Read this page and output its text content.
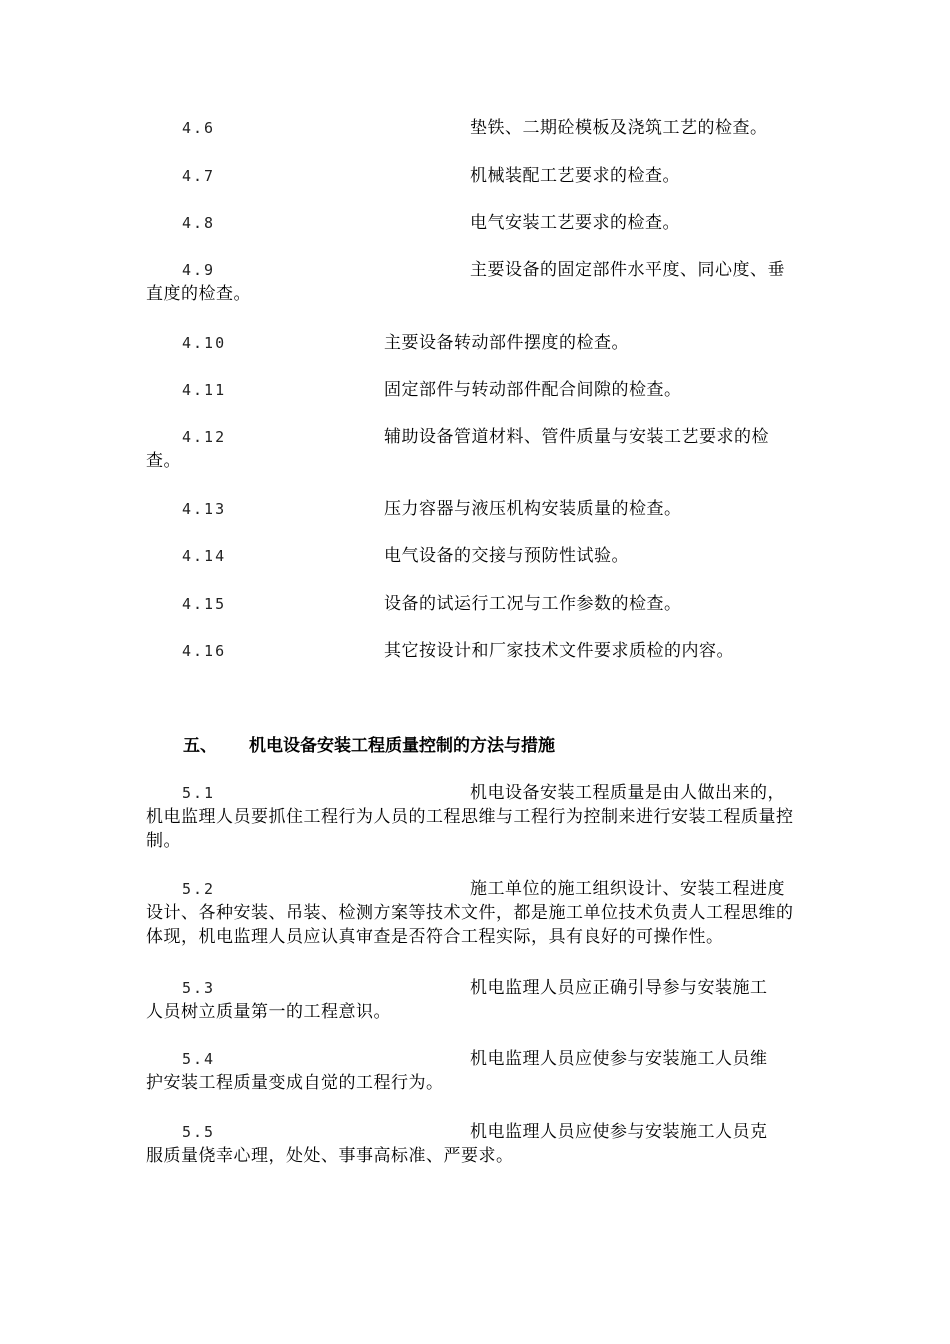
4.6	垫铁、二期砼模板及浇筑工艺的检查。
4.7	机械装配工艺要求的检查。
4.8	电气安装工艺要求的检查。
4.9	主要设备的固定部件水平度、同心度、垂
直度的检查。
4.10	主要设备转动部件摆度的检查。
4.11	固定部件与转动部件配合间隙的检查。
4.12	辅助设备管道材料、管件质量与安装工艺要求的检
查。
4.13	压力容器与液压机构安装质量的检查。
4.14	电气设备的交接与预防性试验。
4.15	设备的试运行工况与工作参数的检查。
4.16	其它按设计和厂家技术文件要求质检的内容。
五、 机电设备安装工程质量控制的方法与措施
5.1	机电设备安装工程质量是由人做出来的，
机电监理人员要抓住工程行为人员的工程思维与工程行为控制来进行安装工程质量控制。
5.2	施工单位的施工组织设计、安装工程进度
设计、各种安装、吊装、检测方案等技术文件，都是施工单位技术负责人工程思维的体现，机电监理人员应认真审查是否符合工程实际，具有良好的可操作性。
5.3	机电监理人员应正确引导参与安装施工
人员树立质量第一的工程意识。
5.4	机电监理人员应使参与安装施工人员维
护安装工程质量变成自觉的工程行为。
5.5	机电监理人员应使参与安装施工人员克
服质量侥幸心理，处处、事事高标准、严要求。
